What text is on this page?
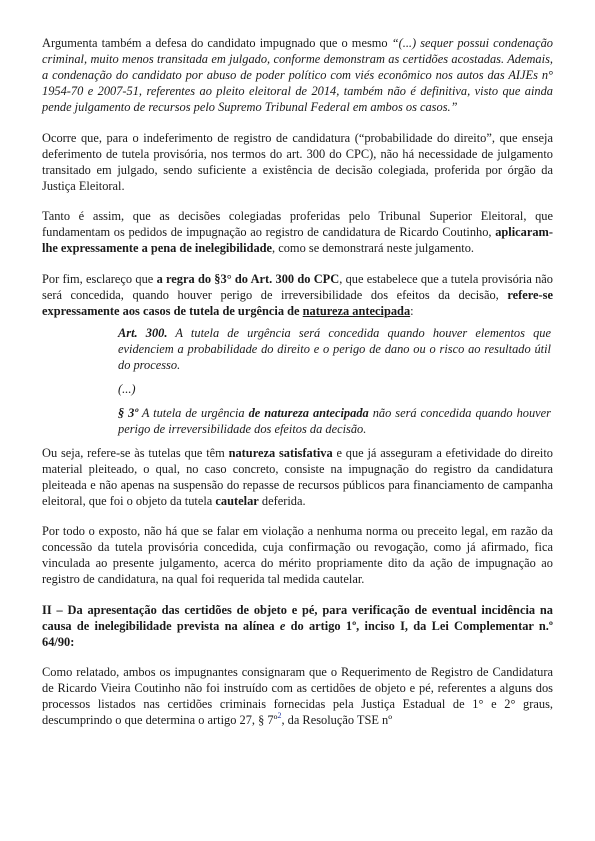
Argumenta também a defesa do candidato impugnado que o mesmo “(...) sequer possui condenação criminal, muito menos transitada em julgado, conforme demonstram as certidões acostadas. Ademais, a condenação do candidato por abuso de poder político com viés econômico nos autos das AIJEs n° 1954-70 e 2007-51, referentes ao pleito eleitoral de 2014, também não é definitiva, visto que ainda pende julgamento de recursos pelo Supremo Tribunal Federal em ambos os casos.”

Ocorre que, para o indeferimento de registro de candidatura (“probabilidade do direito”, que enseja deferimento de tutela provisória, nos termos do art. 300 do CPC), não há necessidade de julgamento transitado em julgado, sendo suficiente a existência de decisão colegiada, proferida por órgão da Justiça Eleitoral.

Tanto é assim, que as decisões colegiadas proferidas pelo Tribunal Superior Eleitoral, que fundamentam os pedidos de impugnação ao registro de candidatura de Ricardo Coutinho, aplicaram-lhe expressamente a pena de inelegibilidade, como se demonstrará neste julgamento.

Por fim, esclareço que a regra do §3° do Art. 300 do CPC, que estabelece que a tutela provisória não será concedida, quando houver perigo de irreversibilidade dos efeitos da decisão, refere-se expressamente aos casos de tutela de urgência de natureza antecipada:

Art. 300. A tutela de urgência será concedida quando houver elementos que evidenciem a probabilidade do direito e o perigo de dano ou o risco ao resultado útil do processo.

(...)

§ 3º A tutela de urgência de natureza antecipada não será concedida quando houver perigo de irreversibilidade dos efeitos da decisão.

Ou seja, refere-se às tutelas que têm natureza satisfativa e que já asseguram a efetividade do direito material pleiteado, o qual, no caso concreto, consiste na impugnação do registro da candidatura pleiteada e não apenas na suspensão do repasse de recursos públicos para financiamento de campanha eleitoral, que foi o objeto da tutela cautelar deferida.

Por todo o exposto, não há que se falar em violação a nenhuma norma ou preceito legal, em razão da concessão da tutela provisória concedida, cuja confirmação ou revogação, como já afirmado, fica vinculada ao presente julgamento, acerca do mérito propriamente dito da ação de impugnação ao registro de candidatura, na qual foi requerida tal medida cautelar.

II – Da apresentação das certidões de objeto e pé, para verificação de eventual incidência na causa de inelegibilidade prevista na alínea e do artigo 1º, inciso I, da Lei Complementar n.º 64/90:

Como relatado, ambos os impugnantes consignaram que o Requerimento de Registro de Candidatura de Ricardo Vieira Coutinho não foi instruído com as certidões de objeto e pé, referentes a alguns dos processos listados nas certidões criminais fornecidas pela Justiça Estadual de 1° e 2° graus, descumprindo o que determina o artigo 27, § 7º$^2$, da Resolução TSE nº
